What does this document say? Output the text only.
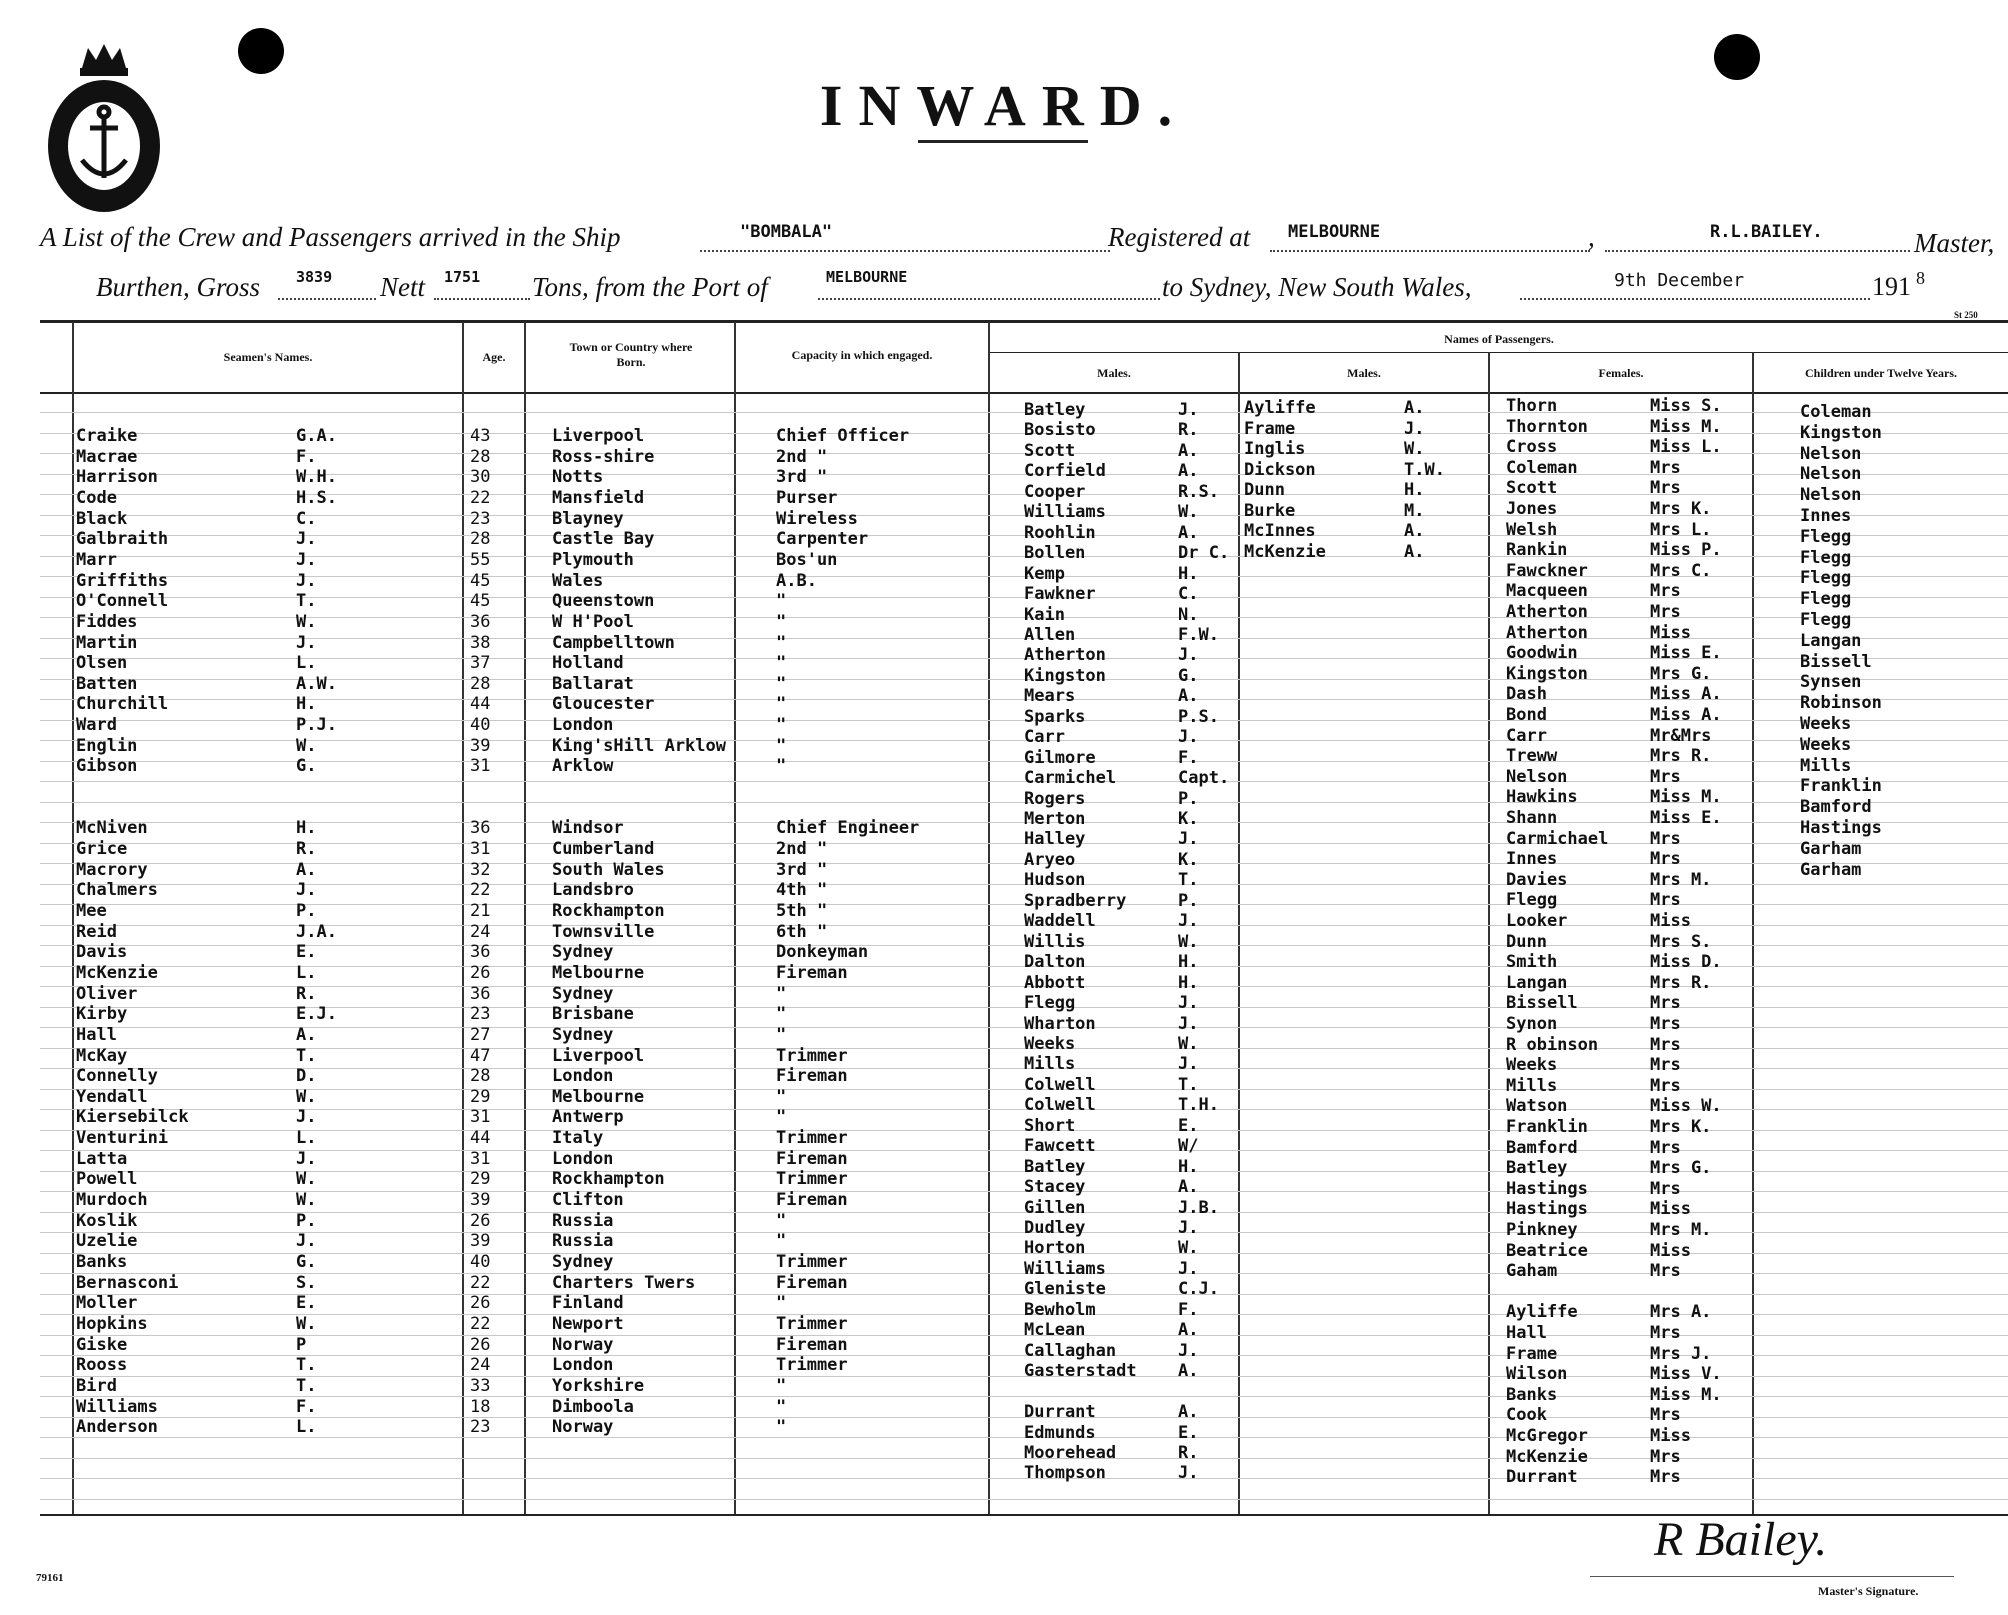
INWARD.
A List of the Crew and Passengers arrived in the Ship	"BOMBALA"	Registered at MELBOURNE	,	R.L.BAILEY.	Master,
Burthen, Gross 3839 Nett 1751 Tons, from the Port of	MELBOURNE	to Sydney, New South Wales,	9th December	191 8
St 250
Seamen's Names.	Age.
Town or Country where Born.	Capacity in which engaged.
Names of Passengers.
Males.	Males.	Females.	Children under Twelve Years.
Craike	G.A.	43	Liverpool	Chief Officer
Macrae	F.	28	Ross-shire	2nd "
Harrison	W.H.	30	Notts	3rd "
Code	H.S.	22	Mansfield	Purser
Black	C.	23	Blayney	Wireless
Galbraith	J.	28	Castle Bay	Carpenter
Marr	J.	55	Plymouth	Bos'un
Griffiths	J.	45	Wales	A.B.
O'Connell	T.	45	Queenstown	"
Fiddes	W.	36	W H'Pool	"
Martin	J.	38	Campbelltown	"
Olsen	L.	37	Holland	"
Batten	A.W.	28	Ballarat	"
Churchill	H.	44	Gloucester	"
Ward	P.J.	40	London	"
Englin	W.	39	King'sHill Arklow	"
Gibson	G.	31	Arklow	"
McNiven	H.	36	Windsor	Chief Engineer
Grice	R.	31	Cumberland	2nd "
Macrory	A.	32	South Wales	3rd "
Chalmers	J.	22	Landsbro	4th "
Mee	P.	21	Rockhampton	5th "
Reid	J.A.	24	Townsville	6th "
Davis	E.	36	Sydney	Donkeyman
McKenzie	L.	26	Melbourne	Fireman
Oliver	R.	36	Sydney	"
Kirby	E.J.	23	Brisbane	"
Hall	A.	27	Sydney	"
McKay	T.	47	Liverpool	Trimmer
Connelly	D.	28	London	Fireman
Yendall	W.	29	Melbourne	"
Kiersebilck	J.	31	Antwerp	"
Venturini	L.	44	Italy	Trimmer
Latta	J.	31	London	Fireman
Powell	W.	29	Rockhampton	Trimmer
Murdoch	W.	39	Clifton	Fireman
Koslik	P.	26	Russia	"
Uzelie	J.	39	Russia	"
Banks	G.	40	Sydney	Trimmer
Bernasconi	S.	22	Charters Twers	Fireman
Moller	E.	26	Finland	"
Hopkins	W.	22	Newport	Trimmer
Giske	P	26	Norway	Fireman
Rooss	T.	24	London	Trimmer
Bird	T.	33	Yorkshire	"
Williams	F.	18	Dimboola	"
Anderson	L.	23	Norway	"
Batley	J.
Bosisto	R.
Scott	A.
Corfield	A.
Cooper	R.S.
Williams	W.
Roohlin	A.
Bollen	Dr C.
Kemp	H.
Fawkner	C.
Kain	N.
Allen	F.W.
Atherton	J.
Kingston	G.
Mears	A.
Sparks	P.S.
Carr	J.
Gilmore	F.
Carmichel	Capt.
Rogers	P.
Merton	K.
Halley	J.
Aryeo	K.
Hudson	T.
Spradberry	P.
Waddell	J.
Willis	W.
Dalton	H.
Abbott	H.
Flegg	J.
Wharton	J.
Weeks	W.
Mills	J.
Colwell	T.
Colwell	T.H.
Short	E.
Fawcett	W/
Batley	H.
Stacey	A.
Gillen	J.B.
Dudley	J.
Horton	W.
Williams	J.
Gleniste	C.J.
Bewholm	F.
McLean	A.
Callaghan	J.
Gasterstadt A.
Durrant	A.
Edmunds	E.
Moorehead	R.
Thompson	J.
Ayliffe	A.
Frame	J.
Inglis	W.
Dickson	T.W.
Dunn	H.
Burke	M.
McInnes	A.
McKenzie	A.
Thorn	Miss S.
Thornton	Miss M.
Cross	Miss L.
Coleman	Mrs
Scott	Mrs
Jones	Mrs K.
Welsh	Mrs L.
Rankin	Miss P.
Fawckner	Mrs C.
Macqueen	Mrs
Atherton	Mrs
Atherton	Miss
Goodwin	Miss E.
Kingston	Mrs G.
Dash	Miss A.
Bond	Miss A.
Carr	Mr&Mrs
Treww	Mrs R.
Nelson	Mrs
Hawkins	Miss M.
Shann	Miss E.
Carmichael Mrs
Innes	Mrs
Davies	Mrs M.
Flegg	Mrs
Looker	Miss
Dunn	Mrs S.
Smith	Miss D.
Langan	Mrs R.
Bissell	Mrs
Synon	Mrs
R obinson	Mrs
Weeks	Mrs
Mills	Mrs
Watson	Miss W.
Franklin	Mrs K.
Bamford	Mrs
Batley	Mrs G.
Hastings	Mrs
Hastings	Miss
Pinkney	Mrs M.
Beatrice	Miss
Gaham	Mrs
Ayliffe	Mrs A.
Hall	Mrs
Frame	Mrs J.
Wilson	Miss V.
Banks	Miss M.
Cook	Mrs
McGregor	Miss
McKenzie	Mrs
Durrant	Mrs
Coleman
Kingston
Nelson
Nelson
Nelson
Innes
Flegg
Flegg
Flegg
Flegg
Flegg
Langan
Bissell
Synsen
Robinson
Weeks
Weeks
Mills
Franklin
Bamford
Hastings
Garham
Garham
79161
R Bailey.
Master's Signature.
